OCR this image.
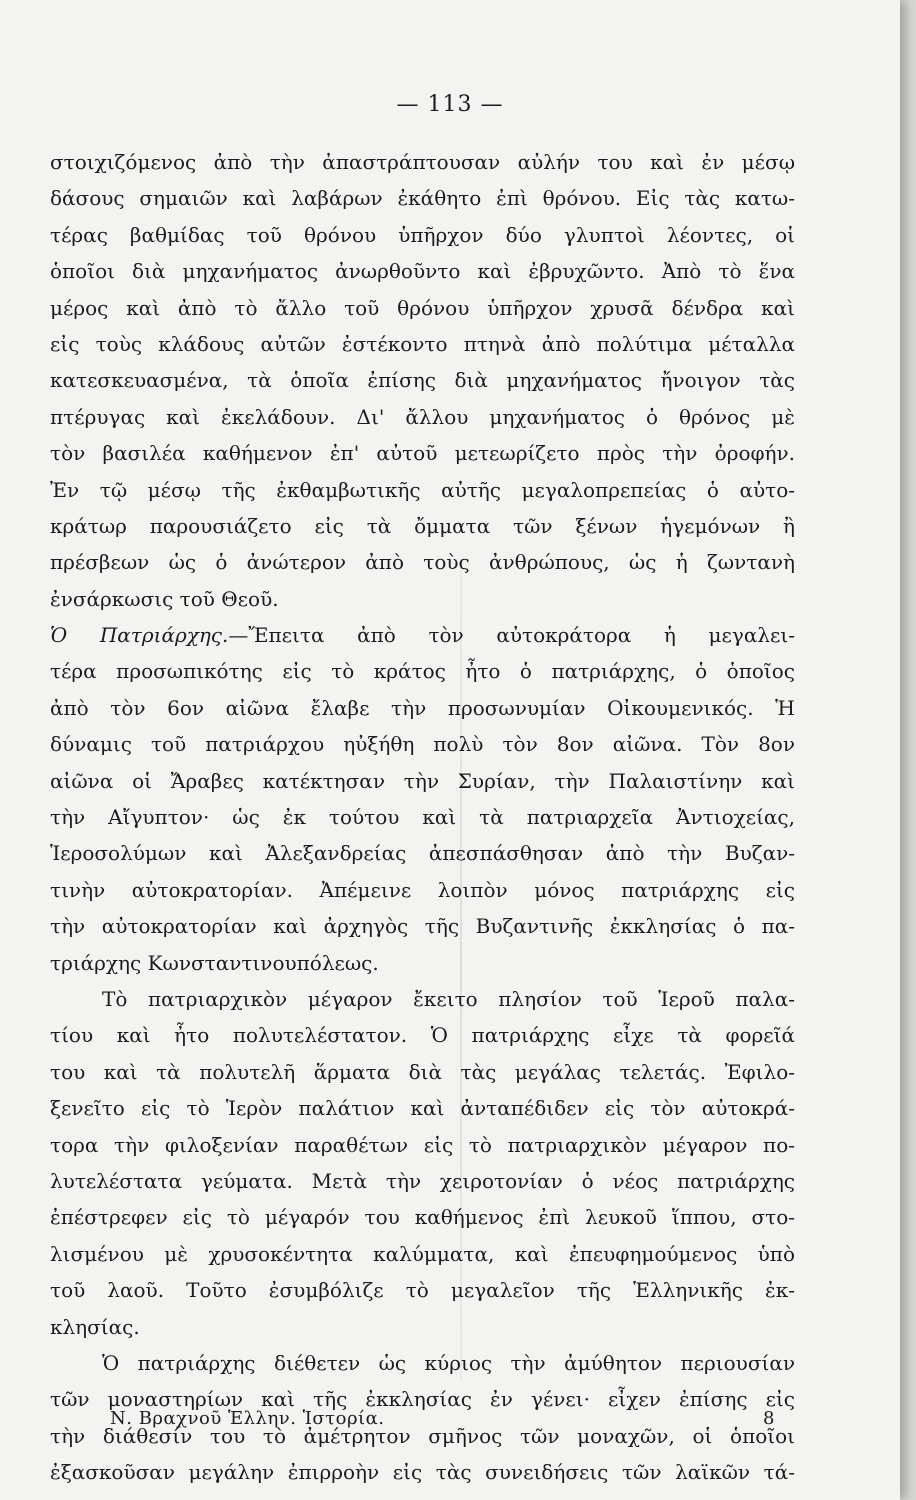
— 113 —
στοιχιζόμενος ἀπὸ τὴν ἀπαστράπτουσαν αὐλήν του καὶ ἐν μέσῳ
δάσους σημαιῶν καὶ λαβάρων ἐκάθητο ἐπὶ θρόνου. Εἰς τὰς κατω-
τέρας βαθμίδας τοῦ θρόνου ὑπῆρχον δύο γλυπτοὶ λέοντες, οἱ
ὁποῖοι διὰ μηχανήματος ἀνωρθοῦντο καὶ ἐβρυχῶντο. Ἀπὸ τὸ ἕνα
μέρος καὶ ἀπὸ τὸ ἄλλο τοῦ θρόνου ὑπῆρχον χρυσᾶ δένδρα καὶ
εἰς τοὺς κλάδους αὐτῶν ἐστέκοντο πτηνὰ ἀπὸ πολύτιμα μέταλλα
κατεσκευασμένα, τὰ ὁποῖα ἐπίσης διὰ μηχανήματος ἤνοιγον τὰς
πτέρυγας καὶ ἐκελάδουν. Δι' ἄλλου μηχανήματος ὁ θρόνος μὲ
τὸν βασιλέα καθήμενον ἐπ' αὐτοῦ μετεωρίζετο πρὸς τὴν ὀροφήν.
Ἐν τῷ μέσῳ τῆς ἐκθαμβωτικῆς αὐτῆς μεγαλοπρεπείας ὁ αὐτο-
κράτωρ παρουσιάζετο εἰς τὰ ὄμματα τῶν ξένων ἡγεμόνων ἢ
πρέσβεων ὡς ὁ ἀνώτερον ἀπὸ τοὺς ἀνθρώπους, ὡς ἡ ζωντανὴ
ἐνσάρκωσις τοῦ Θεοῦ.
Ὁ Πατριάρχης.—Ἔπειτα ἀπὸ τὸν αὐτοκράτορα ἡ μεγαλει-
τέρα προσωπικότης εἰς τὸ κράτος ἦτο ὁ πατριάρχης, ὁ ὁποῖος
ἀπὸ τὸν 6ον αἰῶνα ἔλαβε τὴν προσωνυμίαν Οἰκουμενικός. Ἡ
δύναμις τοῦ πατριάρχου ηὐξήθη πολὺ τὸν 8ον αἰῶνα. Τὸν 8ον
αἰῶνα οἱ Ἄραβες κατέκτησαν τὴν Συρίαν, τὴν Παλαιστίνην καὶ
τὴν Αἴγυπτον· ὡς ἐκ τούτου καὶ τὰ πατριαρχεῖα Ἀντιοχείας,
Ἱεροσολύμων καὶ Ἀλεξανδρείας ἀπεσπάσθησαν ἀπὸ τὴν Βυζαν-
τινὴν αὐτοκρατορίαν. Ἀπέμεινε λοιπὸν μόνος πατριάρχης εἰς
τὴν αὐτοκρατορίαν καὶ ἀρχηγὸς τῆς Βυζαντινῆς ἐκκλησίας ὁ πα-
τριάρχης Κωνσταντινουπόλεως.
Τὸ πατριαρχικὸν μέγαρον ἔκειτο πλησίον τοῦ Ἱεροῦ παλα-
τίου καὶ ἦτο πολυτελέστατον. Ὁ πατριάρχης εἶχε τὰ φορεῖά
του καὶ τὰ πολυτελῆ ἅρματα διὰ τὰς μεγάλας τελετάς. Ἐφιλο-
ξενεῖτο εἰς τὸ Ἱερὸν παλάτιον καὶ ἀνταπέδιδεν εἰς τὸν αὐτοκρά-
τορα τὴν φιλοξενίαν παραθέτων εἰς τὸ πατριαρχικὸν μέγαρον πο-
λυτελέστατα γεύματα. Μετὰ τὴν χειροτονίαν ὁ νέος πατριάρχης
ἐπέστρεφεν εἰς τὸ μέγαρόν του καθήμενος ἐπὶ λευκοῦ ἵππου, στο-
λισμένου μὲ χρυσοκέντητα καλύμματα, καὶ ἐπευφημούμενος ὑπὸ
τοῦ λαοῦ. Τοῦτο ἐσυμβόλιζε τὸ μεγαλεῖον τῆς Ἑλληνικῆς ἐκ-
κλησίας.
Ὁ πατριάρχης διέθετεν ὡς κύριος τὴν ἀμύθητον περιουσίαν
τῶν μοναστηρίων καὶ τῆς ἐκκλησίας ἐν γένει· εἶχεν ἐπίσης εἰς
τὴν διάθεσίν του τὸ ἀμέτρητον σμῆνος τῶν μοναχῶν, οἱ ὁποῖοι
ἐξασκοῦσαν μεγάλην ἐπιρροὴν εἰς τὰς συνειδήσεις τῶν λαϊκῶν τά-
Ν. Βραχνοῦ Ἑλλην. Ἱστορία.	8
